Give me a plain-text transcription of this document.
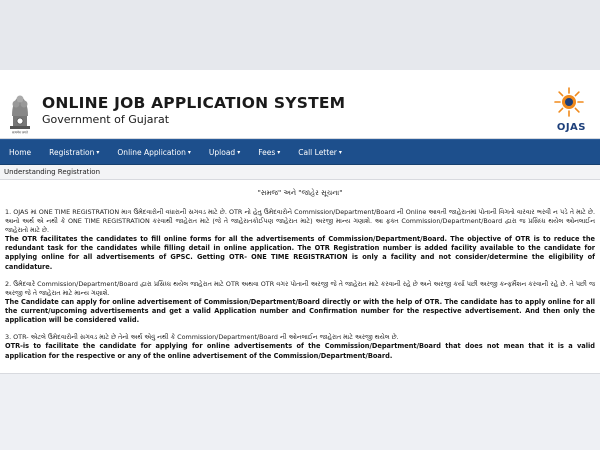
सत्यमेव जयते
ONLINE JOB APPLICATION SYSTEM
Government of Gujarat
OJAS
Home Registration ▾ Online Application ▾ Upload ▾ Fees ▾ Call Letter ▾
Understanding Registration
"સમજ" અને "જાહેર સૂચના"

1. OJAS માં ONE TIME REGISTRATION માત્ર ઉમેદવારોની વધારાની સગવડ માટે છે. OTR નો હેતુ ઉમેદવારોને Commission/Department/Board ની Online આવતી જાહેરાતમાં પોતાની વિગતો વારંવાર ભરવી ન પડે તે માટે છે. આનો અર્થ એ નથી કે ONE TIME REGISTRATION કરવાથી જાહેરાત માટે (જે તે જાહેરાતકોઈપણ જાહેરાત માટે) અરજી માન્ય ગણાશે. આ ફક્ત Commission/Department/Board દ્વારા જ પ્રસિધ્ધ થયેલ ઓનલાઈન જાહેરાતો માટે છે.

The OTR facilitates the candidates to fill online forms for all the advertisements of Commission/Department/Board. The objective of OTR is to reduce the redundant task for the candidates while filling detail in online application. The OTR Registration number is added facility available to the candidate for applying online for all advertisements of GPSC. Getting OTR- ONE TIME REGISTRATION is only a facility and not consider/determine the eligibility of candidature.

2. ઉમેદવારે Commission/Department/Board દ્વારા પ્રસિધ્ધ થયેલ જાહેરાત માટે OTR અથવા OTR વગર પોતાની અરજી જે તે જાહેરાત માટે કરવાની રહે છે અને અરજી કર્યા પછી અરજી કન્ફર્મેશન કરવાની રહે છે. તે પછી જ અરજી જે તે જાહેરાત માટે માન્ય ગણાશે.

The Candidate can apply for online advertisement of Commission/Department/Board directly or with the help of OTR. The candidate has to apply online for all the current/upcoming advertisements and get a valid Application number and Confirmation number for the respective advertisement. And then only the application will be considered valid.

3. OTR- એટલે ઉમેદવારોની સગવડ માટે છે તેનો અર્થ એવું નથી કે Commission/Department/Board ની ઓનલાઈન જાહેરાત માટે અરજી થયેલ છે.

OTR-is to facilitate the candidate for applying for online advertisements of the Commission/Department/Board that does not mean that it is a valid application for the respective or any of the online advertisement of the Commission/Department/Board.
